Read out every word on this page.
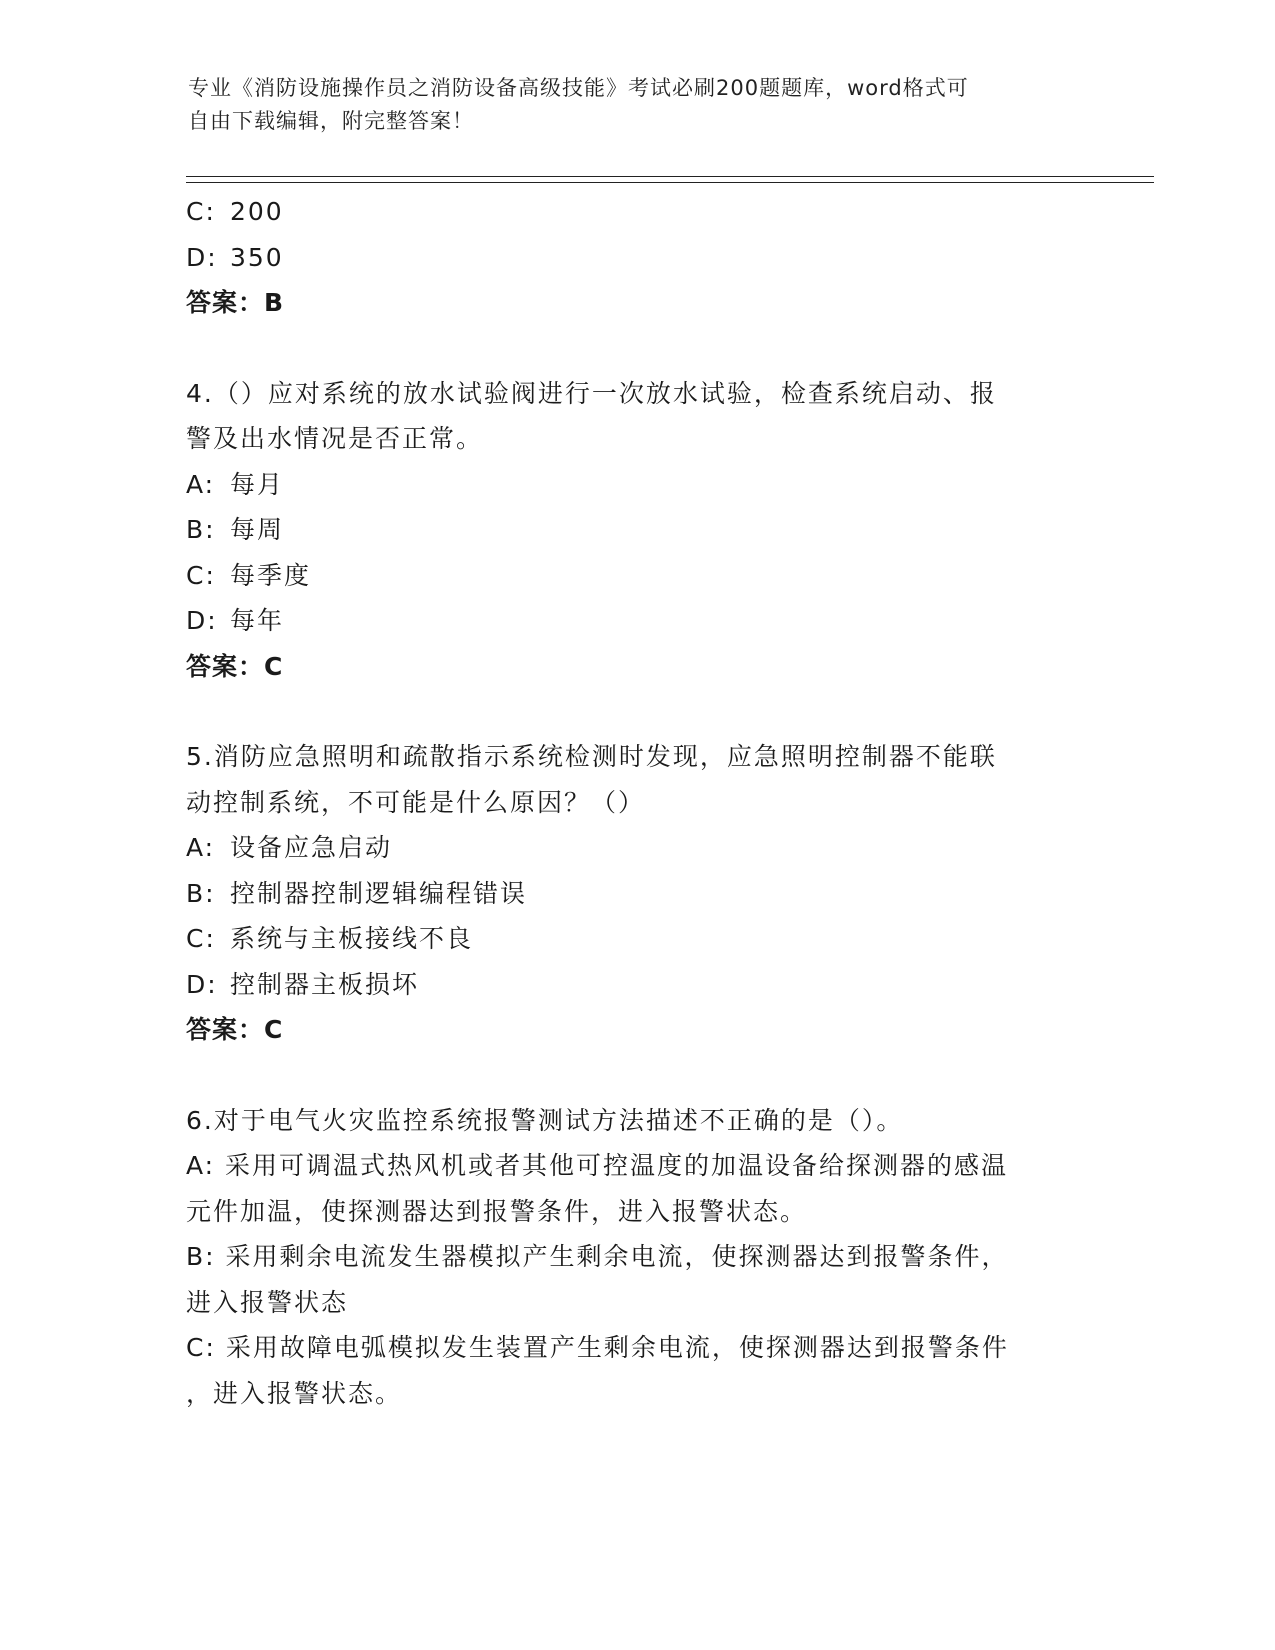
专业《消防设施操作员之消防设备高级技能》考试必刷200题题库，word格式可
自由下载编辑，附完整答案！
C: 200
D: 350
答案：B
4.（）应对系统的放水试验阀进行一次放水试验，检查系统启动、报
警及出水情况是否正常。
A: 每月
B: 每周
C: 每季度
D: 每年
答案：C
5.消防应急照明和疏散指示系统检测时发现，应急照明控制器不能联
动控制系统，不可能是什么原因？（）
A: 设备应急启动
B: 控制器控制逻辑编程错误
C: 系统与主板接线不良
D: 控制器主板损坏
答案：C
6.对于电气火灾监控系统报警测试方法描述不正确的是（）。
A: 采用可调温式热风机或者其他可控温度的加温设备给探测器的感温
元件加温，使探测器达到报警条件，进入报警状态。
B: 采用剩余电流发生器模拟产生剩余电流，使探测器达到报警条件，
进入报警状态
C: 采用故障电弧模拟发生装置产生剩余电流，使探测器达到报警条件
，进入报警状态。
